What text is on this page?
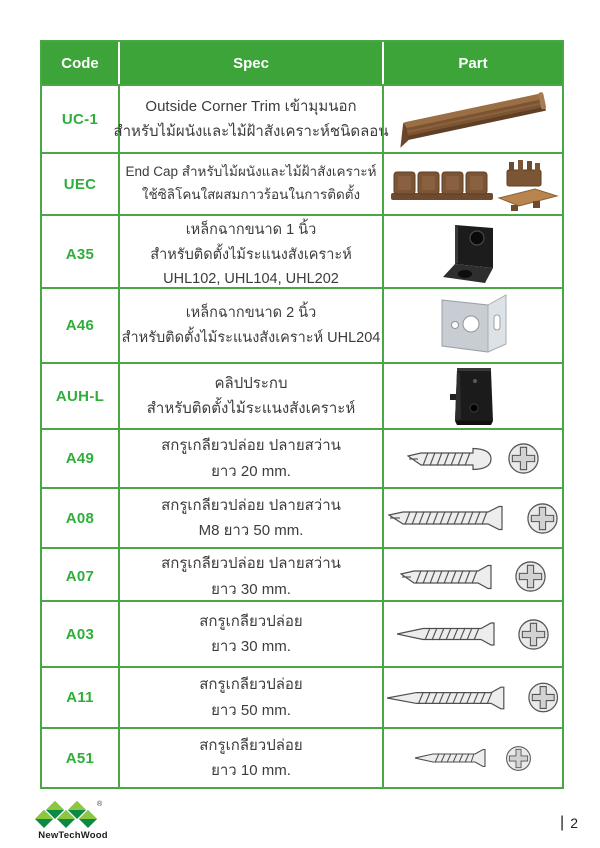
Code	Spec	Part
UC-1
Outside Corner Trim เข้ามุมนอก
สำหรับไม้ผนังและไม้ฝ้าสังเคราะห์ชนิดลอน
UEC
End Cap สำหรับไม้ผนังและไม้ฝ้าสังเคราะห์
ใช้ซิลิโคนใสผสมกาวร้อนในการติดตั้ง
A35
เหล็กฉากขนาด 1 นิ้ว
สำหรับติดตั้งไม้ระแนงสังเคราะห์
UHL102, UHL104, UHL202
A46
เหล็กฉากขนาด 2 นิ้ว
สำหรับติดตั้งไม้ระแนงสังเคราะห์ UHL204
AUH-L
คลิปประกบ
สำหรับติดตั้งไม้ระแนงสังเคราะห์
A49
สกรูเกลียวปล่อย ปลายสว่าน
ยาว 20 mm.
A08
สกรูเกลียวปล่อย ปลายสว่าน
M8 ยาว 50 mm.
A07
สกรูเกลียวปล่อย ปลายสว่าน
ยาว 30 mm.
A03
สกรูเกลียวปล่อย
ยาว 30 mm.
A11
สกรูเกลียวปล่อย
ยาว 50 mm.
A51
สกรูเกลียวปล่อย
ยาว 10 mm.
®
NewTechWood
| 2
